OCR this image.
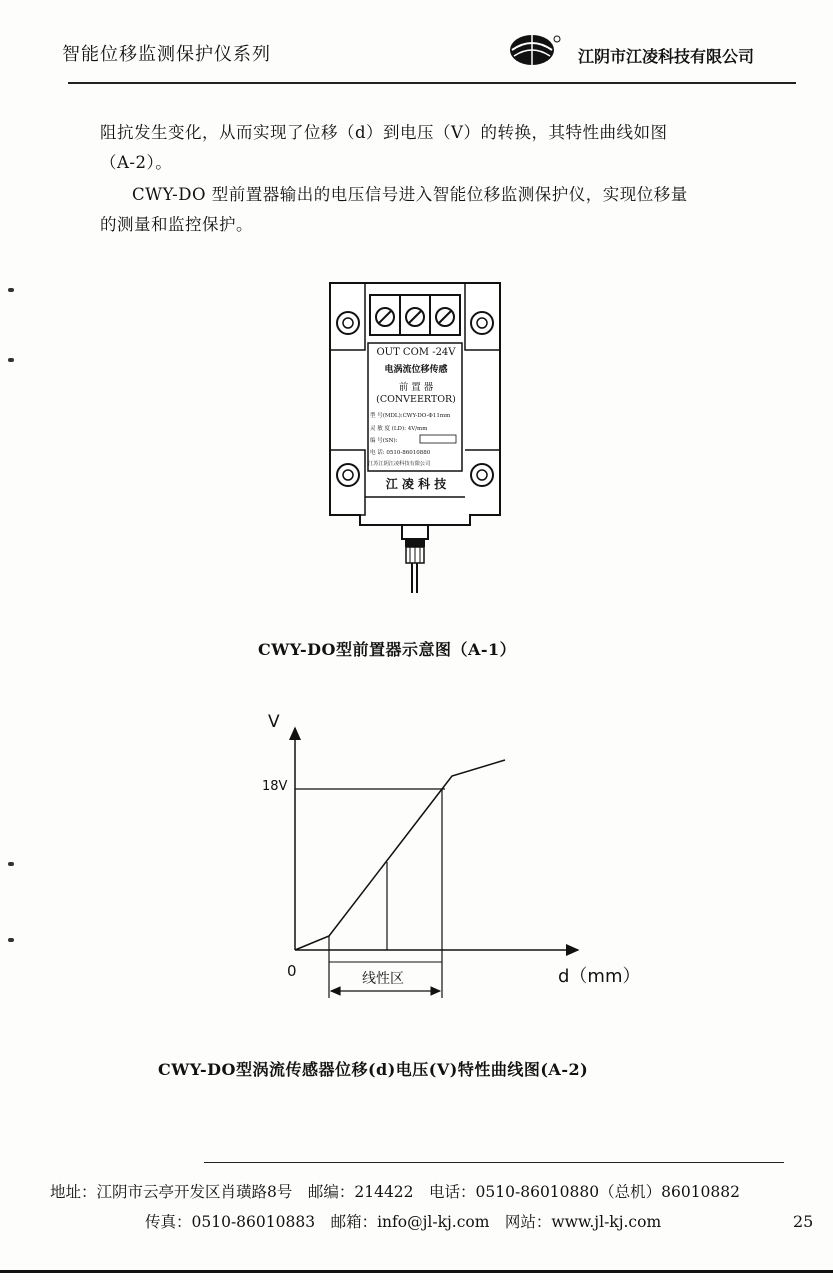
智能位移监测保护仪系列	江阴市江凌科技有限公司
阻抗发生变化，从而实现了位移（d）到电压（V）的转换，其特性曲线如图
（A-2）。
CWY-DO 型前置器输出的电压信号进入智能位移监测保护仪，实现位移量
的测量和监控保护。
OUT COM -24V
电涡流位移传感
前 置 器
(CONVEERTOR)
型 号(MDL):CWY-DO-Ф11mm
灵 敏 度 (LD): 4V/mm
编 号(SN):
电 话: 0510-86010880
江苏江阴江凌科技有限公司
江 凌 科 技
CWY-DO型前置器示意图（A-1）
V
18V
0	线性区	d（mm）
CWY-DO型涡流传感器位移(d)电压(V)特性曲线图(A-2)
地址：江阴市云亭开发区肖璜路8号　邮编：214422　电话：0510-86010880（总机）86010882
传真：0510-86010883　邮箱：info@jl-kj.com　网站：www.jl-kj.com	25
